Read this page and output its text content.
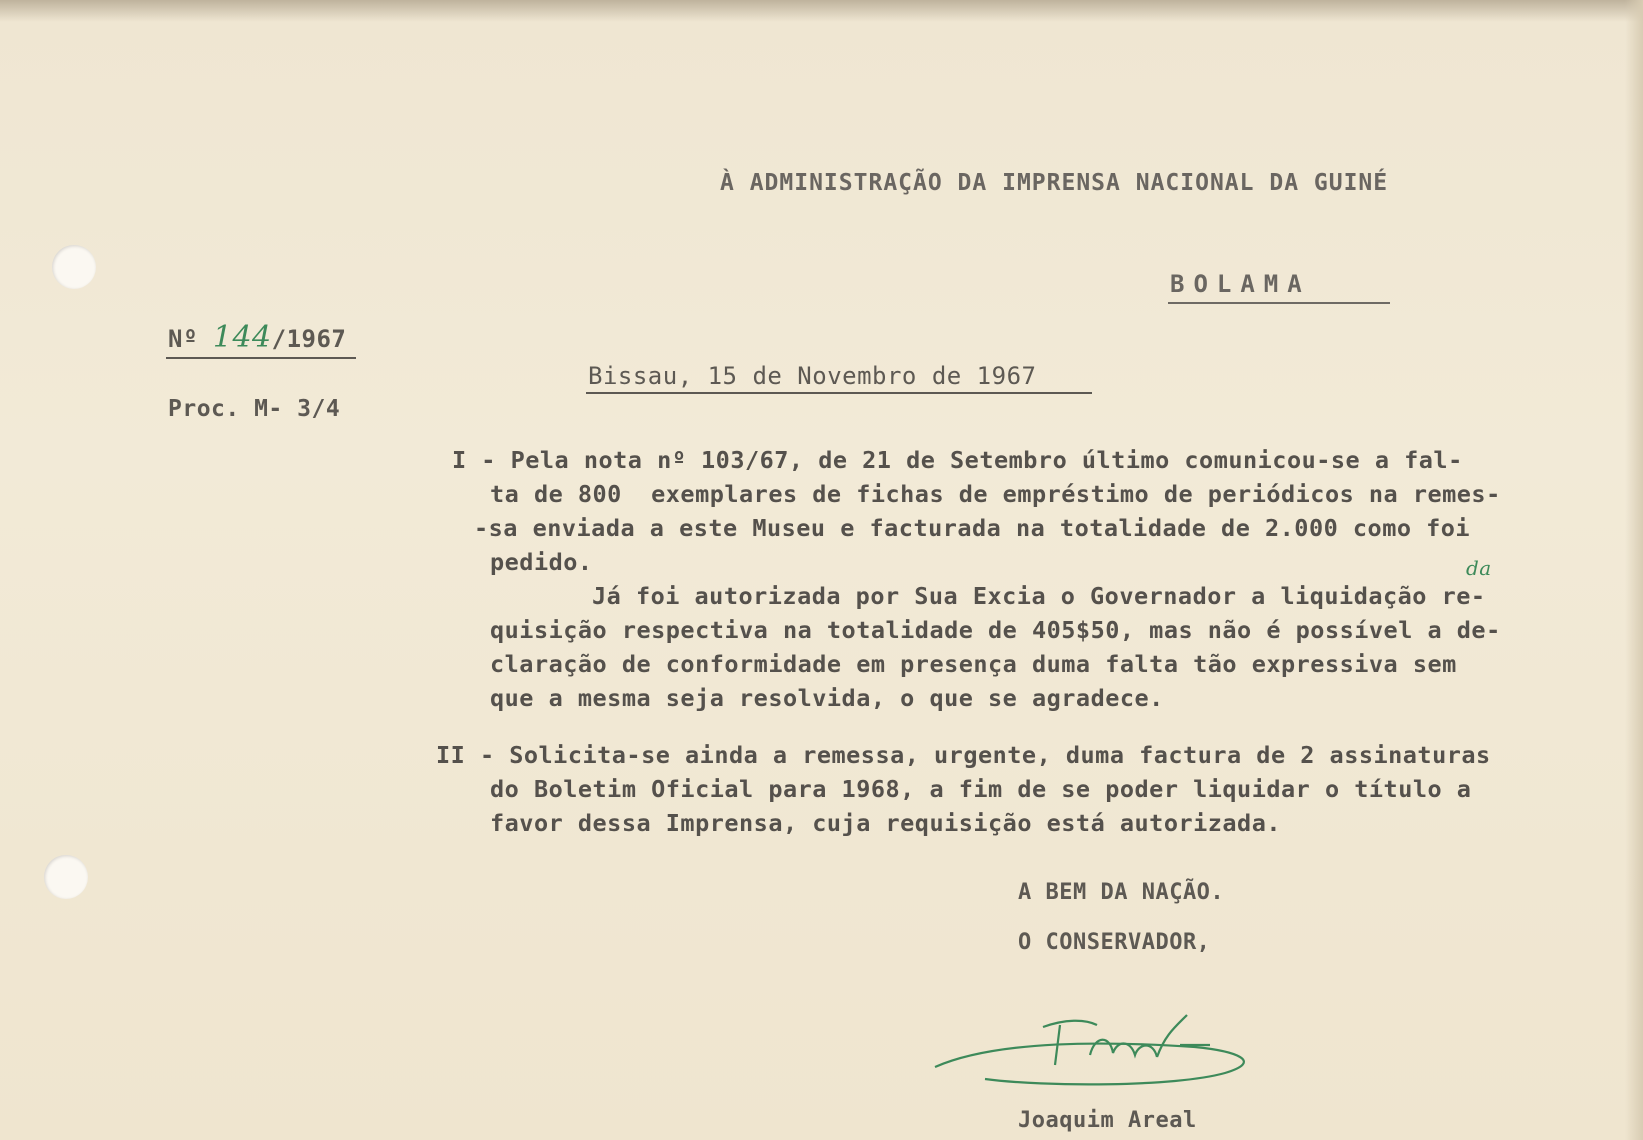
À ADMINISTRAÇÃO DA IMPRENSA NACIONAL DA GUINÉ
BOLAMA
Nº 144/1967
Proc. M- 3/4
Bissau, 15 de Novembro de 1967
I - Pela nota nº 103/67, de 21 de Setembro último comunicou-se a fal-
ta de 800  exemplares de fichas de empréstimo de periódicos na remes-
-sa enviada a este Museu e facturada na totalidade de 2.000 como foi
pedido.
Já foi autorizada por Sua Excia o Governador a liquidação re-
quisição respectiva na totalidade de 405$50, mas não é possível a de-
claração de conformidade em presença duma falta tão expressiva sem
que a mesma seja resolvida, o que se agradece.
da
II - Solicita-se ainda a remessa, urgente, duma factura de 2 assinaturas
do Boletim Oficial para 1968, a fim de se poder liquidar o título a
favor dessa Imprensa, cuja requisição está autorizada.
A BEM DA NAÇÃO.
O CONSERVADOR,
Joaquim Areal
